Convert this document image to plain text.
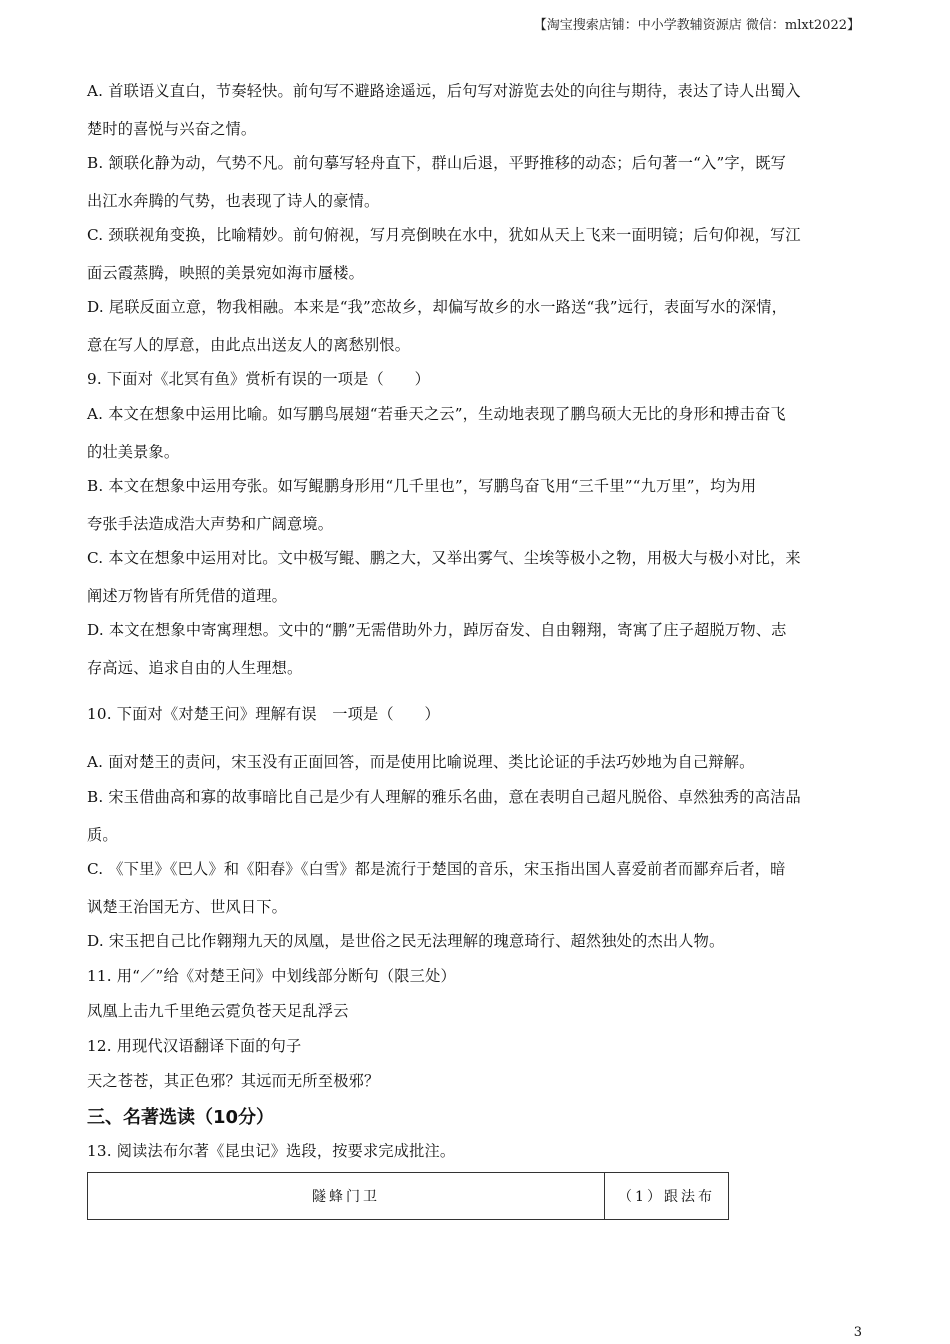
【淘宝搜索店铺：中小学教辅资源店 微信：mlxt2022】
A. 首联语义直白，节奏轻快。前句写不避路途遥远，后句写对游览去处的向往与期待，表达了诗人出蜀入
楚时的喜悦与兴奋之情。
B. 颔联化静为动，气势不凡。前句摹写轻舟直下，群山后退，平野推移的动态；后句著一“入”字，既写
出江水奔腾的气势，也表现了诗人的豪情。
C. 颈联视角变换，比喻精妙。前句俯视，写月亮倒映在水中，犹如从天上飞来一面明镜；后句仰视，写江
面云霞蒸腾，映照的美景宛如海市蜃楼。
D. 尾联反面立意，物我相融。本来是“我”恋故乡，却偏写故乡的水一路送“我”远行，表面写水的深情，
意在写人的厚意，由此点出送友人的离愁别恨。
9. 下面对《北冥有鱼》赏析有误的一项是（　　）
A. 本文在想象中运用比喻。如写鹏鸟展翅“若垂天之云”，生动地表现了鹏鸟硕大无比的身形和搏击奋飞
的壮美景象。
B. 本文在想象中运用夸张。如写鲲鹏身形用“几千里也”，写鹏鸟奋飞用“三千里”“九万里”，均为用
夸张手法造成浩大声势和广阔意境。
C. 本文在想象中运用对比。文中极写鲲、鹏之大，又举出雾气、尘埃等极小之物，用极大与极小对比，来
阐述万物皆有所凭借的道理。
D. 本文在想象中寄寓理想。文中的“鹏”无需借助外力，踔厉奋发、自由翱翔，寄寓了庄子超脱万物、志
存高远、追求自由的人生理想。
10. 下面对《对楚王问》理解有误　一项是（　　）
A. 面对楚王的责问，宋玉没有正面回答，而是使用比喻说理、类比论证的手法巧妙地为自己辩解。
B. 宋玉借曲高和寡的故事暗比自己是少有人理解的雅乐名曲，意在表明自己超凡脱俗、卓然独秀的高洁品
质。
C. 《下里》《巴人》和《阳春》《白雪》都是流行于楚国的音乐，宋玉指出国人喜爱前者而鄙弃后者，暗
讽楚王治国无方、世风日下。
D. 宋玉把自己比作翱翔九天的凤凰，是世俗之民无法理解的瑰意琦行、超然独处的杰出人物。
11. 用“／”给《对楚王问》中划线部分断句（限三处）
凤凰上击九千里绝云霓负苍天足乱浮云
12. 用现代汉语翻译下面的句子
天之苍苍，其正色邪？其远而无所至极邪？
三、名著选读（10分）
13. 阅读法布尔著《昆虫记》选段，按要求完成批注。
隧蜂门卫	（1）跟法布
3
